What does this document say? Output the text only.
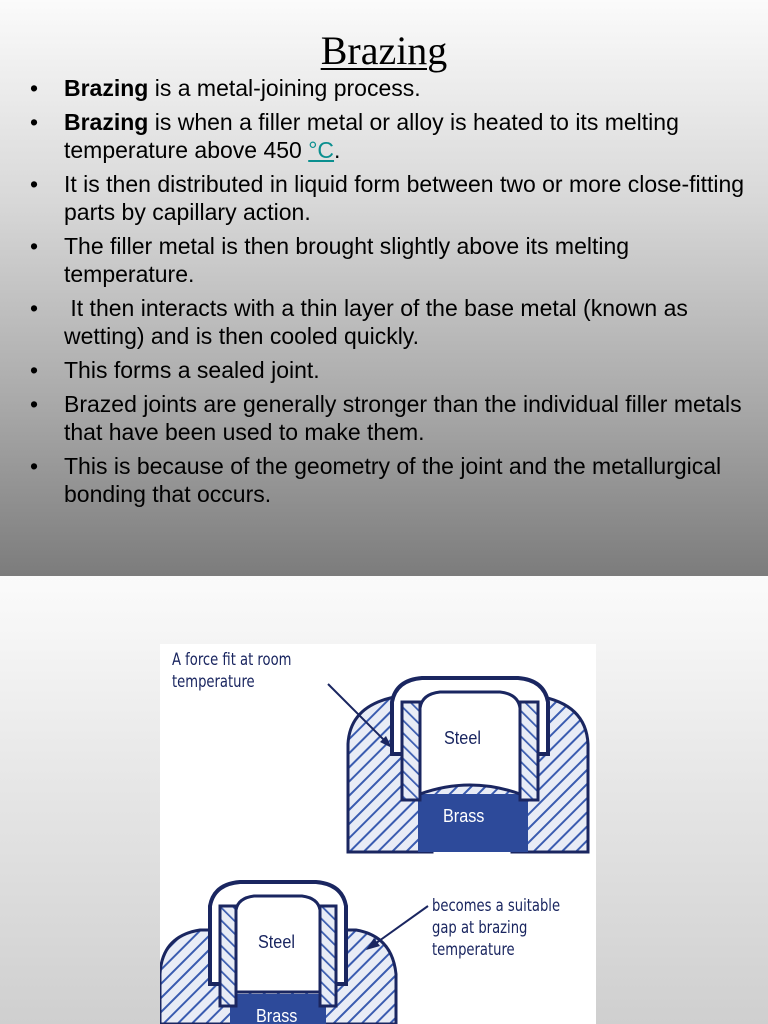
Brazing
• Brazing is a metal-joining process.
• Brazing is when a filler metal or alloy is heated to its melting temperature above 450 °C.
• It is then distributed in liquid form between two or more close-fitting parts by capillary action.
• The filler metal is then brought slightly above its melting temperature.
• It then interacts with a thin layer of the base metal (known as wetting) and is then cooled quickly.
• This forms a sealed joint.
• Brazed joints are generally stronger than the individual filler metals that have been used to make them.
• This is because of the geometry of the joint and the metallurgical bonding that occurs.
A force fit at room
temperature
Steel
Brass
becomes a suitable
gap at brazing
temperature
Steel
Brass
